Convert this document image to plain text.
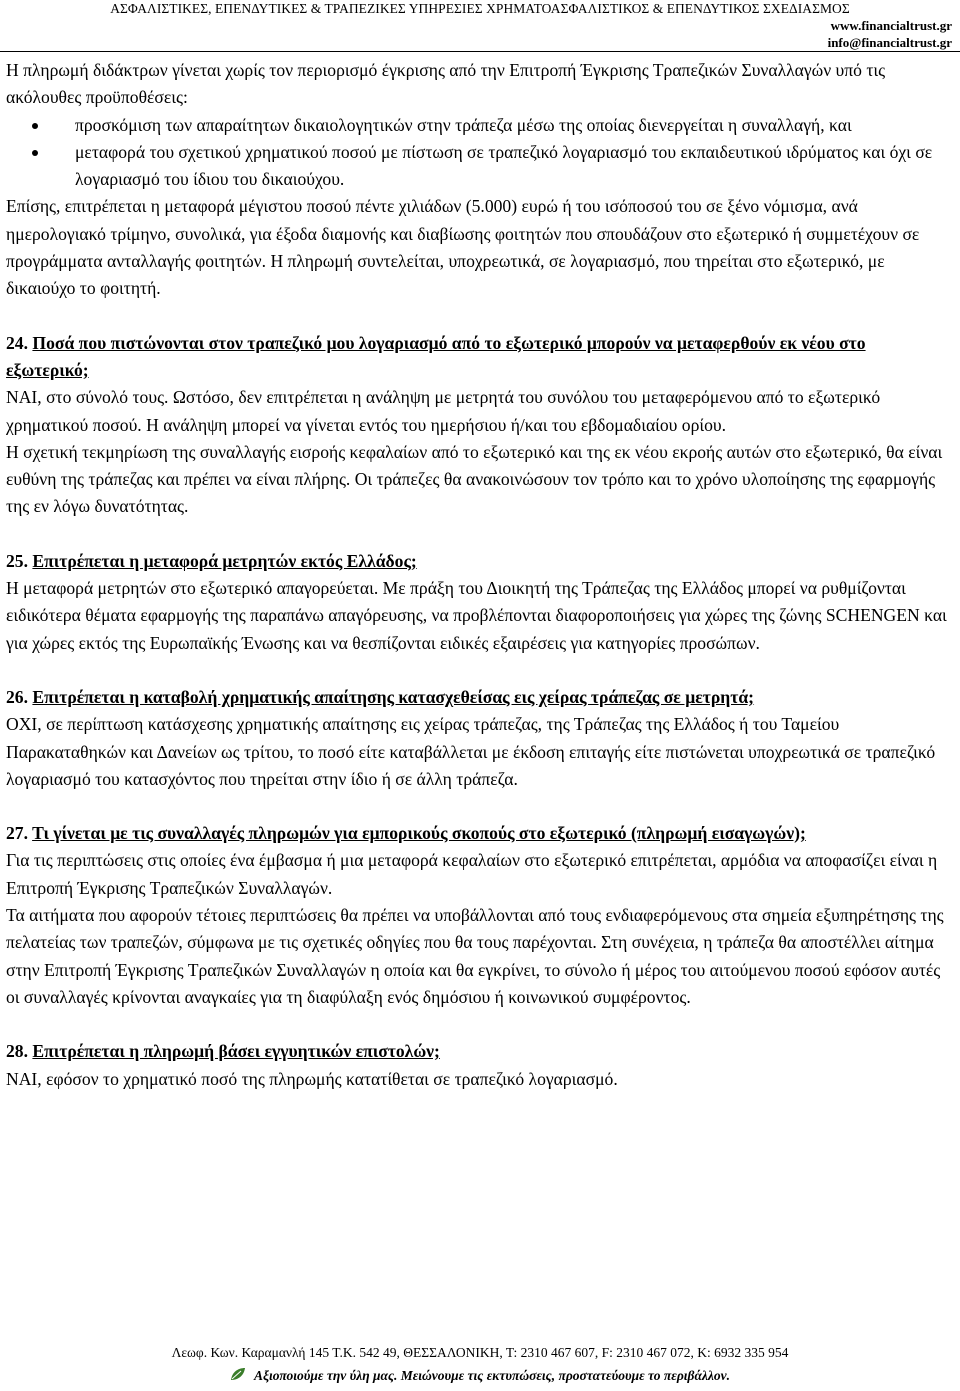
ΑΣΦΑΛΙΣΤΙΚΕΣ, ΕΠΕΝΔΥΤΙΚΕΣ & ΤΡΑΠΕΖΙΚΕΣ ΥΠΗΡΕΣΙΕΣ ΧΡΗΜΑΤΟΑΣΦΑΛΙΣΤΙΚΟΣ & ΕΠΕΝΔΥΤΙΚΟΣ ΣΧΕΔΙΑΣΜΟΣ
www.financialtrust.gr
info@financialtrust.gr

Η πληρωμή διδάκτρων γίνεται χωρίς τον περιορισμό έγκρισης από την Επιτροπή Έγκρισης Τραπεζικών Συναλλαγών υπό τις ακόλουθες προϋποθέσεις:

προσκόμιση των απαραίτητων δικαιολογητικών στην τράπεζα μέσω της οποίας διενεργείται η συναλλαγή, και
μεταφορά του σχετικού χρηματικού ποσού με πίστωση σε τραπεζικό λογαριασμό του εκπαιδευτικού ιδρύματος και όχι σε λογαριασμό του ίδιου του δικαιούχου.

Επίσης, επιτρέπεται η μεταφορά μέγιστου ποσού πέντε χιλιάδων (5.000) ευρώ ή του ισόποσού του σε ξένο νόμισμα, ανά ημερολογιακό τρίμηνο, συνολικά, για έξοδα διαμονής και διαβίωσης φοιτητών που σπουδάζουν στο εξωτερικό ή συμμετέχουν σε προγράμματα ανταλλαγής φοιτητών. Η πληρωμή συντελείται, υποχρεωτικά, σε λογαριασμό, που τηρείται στο εξωτερικό, με δικαιούχο το φοιτητή.

24. Ποσά που πιστώνονται στον τραπεζικό μου λογαριασμό από το εξωτερικό μπορούν να μεταφερθούν εκ νέου στο εξωτερικό;

ΝΑΙ, στο σύνολό τους. Ωστόσο, δεν επιτρέπεται η ανάληψη με μετρητά του συνόλου του μεταφερόμενου από το εξωτερικό χρηματικού ποσού. Η ανάληψη μπορεί να γίνεται εντός του ημερήσιου ή/και του εβδομαδιαίου ορίου.

Η σχετική τεκμηρίωση της συναλλαγής εισροής κεφαλαίων από το εξωτερικό και της εκ νέου εκροής αυτών στο εξωτερικό, θα είναι ευθύνη της τράπεζας και πρέπει να είναι πλήρης. Οι τράπεζες θα ανακοινώσουν τον τρόπο και το χρόνο υλοποίησης της εφαρμογής της εν λόγω δυνατότητας.

25. Επιτρέπεται η μεταφορά μετρητών εκτός Ελλάδος;

Η μεταφορά μετρητών στο εξωτερικό απαγορεύεται. Με πράξη του Διοικητή της Τράπεζας της Ελλάδος μπορεί να ρυθμίζονται ειδικότερα θέματα εφαρμογής της παραπάνω απαγόρευσης, να προβλέπονται διαφοροποιήσεις για χώρες της ζώνης SCHENGEN και για χώρες εκτός της Ευρωπαϊκής Ένωσης και να θεσπίζονται ειδικές εξαιρέσεις για κατηγορίες προσώπων.

26. Επιτρέπεται η καταβολή χρηματικής απαίτησης κατασχεθείσας εις χείρας τράπεζας σε μετρητά;

ΟΧΙ, σε περίπτωση κατάσχεσης χρηματικής απαίτησης εις χείρας τράπεζας, της Τράπεζας της Ελλάδος ή του Ταμείου Παρακαταθηκών και Δανείων ως τρίτου, το ποσό είτε καταβάλλεται με έκδοση επιταγής είτε πιστώνεται υποχρεωτικά σε τραπεζικό λογαριασμό του κατασχόντος που τηρείται στην ίδιο ή σε άλλη τράπεζα.

27. Τι γίνεται με τις συναλλαγές πληρωμών για εμπορικούς σκοπούς στο εξωτερικό (πληρωμή εισαγωγών);

Για τις περιπτώσεις στις οποίες ένα έμβασμα ή μια μεταφορά κεφαλαίων στο εξωτερικό επιτρέπεται, αρμόδια να αποφασίζει είναι η Επιτροπή Έγκρισης Τραπεζικών Συναλλαγών.

Τα αιτήματα που αφορούν τέτοιες περιπτώσεις θα πρέπει να υποβάλλονται από τους ενδιαφερόμενους στα σημεία εξυπηρέτησης της πελατείας των τραπεζών, σύμφωνα με τις σχετικές οδηγίες που θα τους παρέχονται. Στη συνέχεια, η τράπεζα θα αποστέλλει αίτημα στην Επιτροπή Έγκρισης Τραπεζικών Συναλλαγών η οποία και θα εγκρίνει, το σύνολο ή μέρος του αιτούμενου ποσού εφόσον αυτές οι συναλλαγές κρίνονται αναγκαίες για τη διαφύλαξη ενός δημόσιου ή κοινωνικού συμφέροντος.

28. Επιτρέπεται η πληρωμή βάσει εγγυητικών επιστολών;

ΝΑΙ, εφόσον το χρηματικό ποσό της πληρωμής κατατίθεται σε τραπεζικό λογαριασμό.

Λεωφ. Κων. Καραμανλή 145 Τ.Κ. 542 49, ΘΕΣΣΑΛΟΝΙΚΗ, Τ: 2310 467 607, F: 2310 467 072, Κ: 6932 335 954
Αξιοποιούμε την ύλη μας. Μειώνουμε τις εκτυπώσεις, προστατεύουμε το περιβάλλον.
